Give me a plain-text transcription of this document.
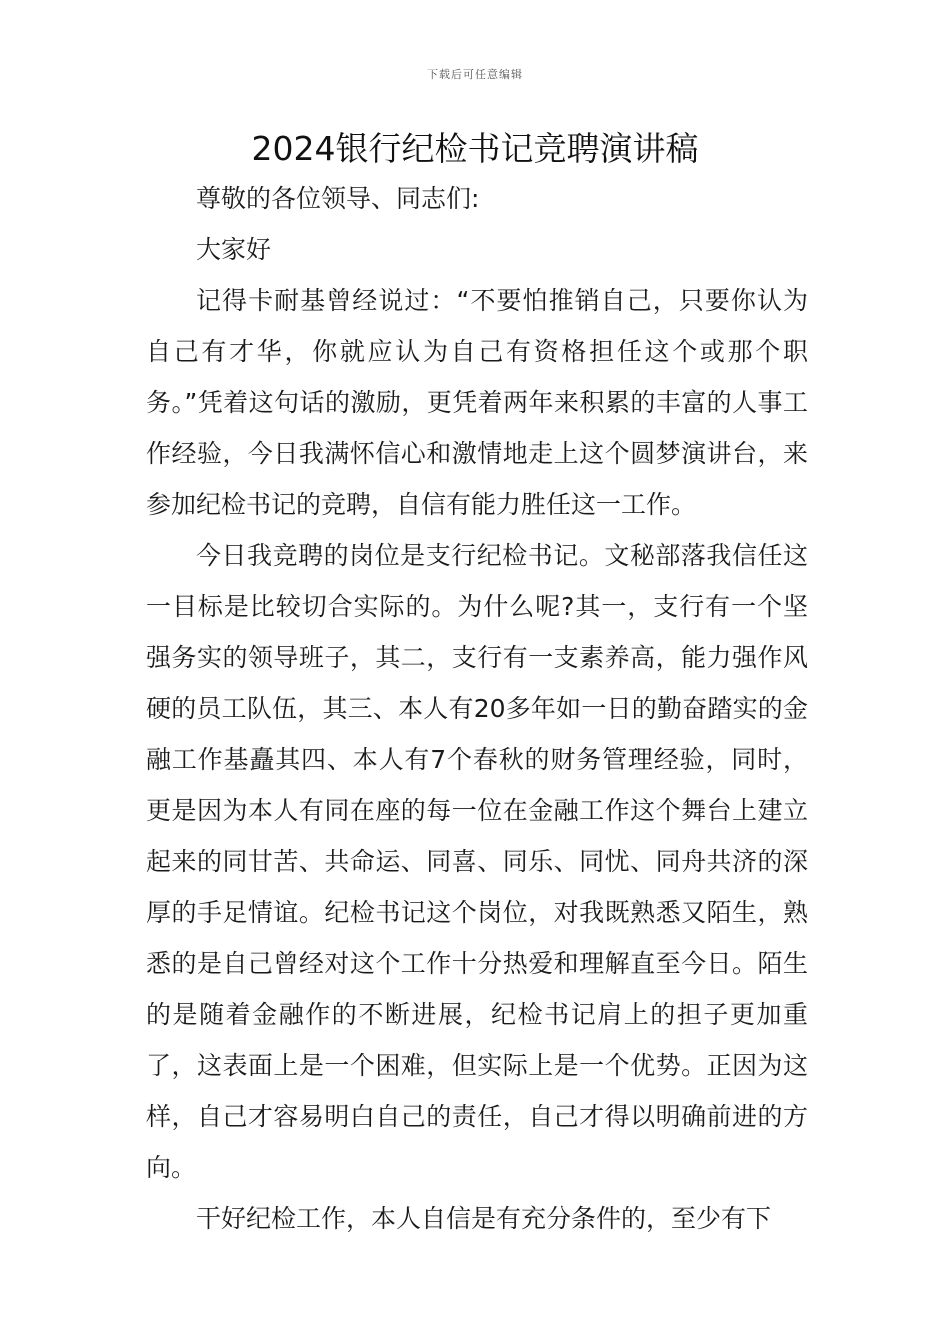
下载后可任意编辑
2024银行纪检书记竞聘演讲稿

尊敬的各位领导、同志们:

大家好

记得卡耐基曾经说过：“不要怕推销自己，只要你认为自己有才华，你就应认为自己有资格担任这个或那个职务。”凭着这句话的激励，更凭着两年来积累的丰富的人事工作经验，今日我满怀信心和激情地走上这个圆梦演讲台，来参加纪检书记的竞聘，自信有能力胜任这一工作。

今日我竞聘的岗位是支行纪检书记。文秘部落我信任这一目标是比较切合实际的。为什么呢?其一，支行有一个坚强务实的领导班子，其二，支行有一支素养高，能力强作风硬的员工队伍，其三、本人有20多年如一日的勤奋踏实的金融工作基矗其四、本人有7个春秋的财务管理经验，同时，更是因为本人有同在座的每一位在金融工作这个舞台上建立起来的同甘苦、共命运、同喜、同乐、同忧、同舟共济的深厚的手足情谊。纪检书记这个岗位，对我既熟悉又陌生，熟悉的是自己曾经对这个工作十分热爱和理解直至今日。陌生的是随着金融作的不断进展，纪检书记肩上的担子更加重了，这表面上是一个困难，但实际上是一个优势。正因为这样，自己才容易明白自己的责任，自己才得以明确前进的方向。

干好纪检工作，本人自信是有充分条件的，至少有下
